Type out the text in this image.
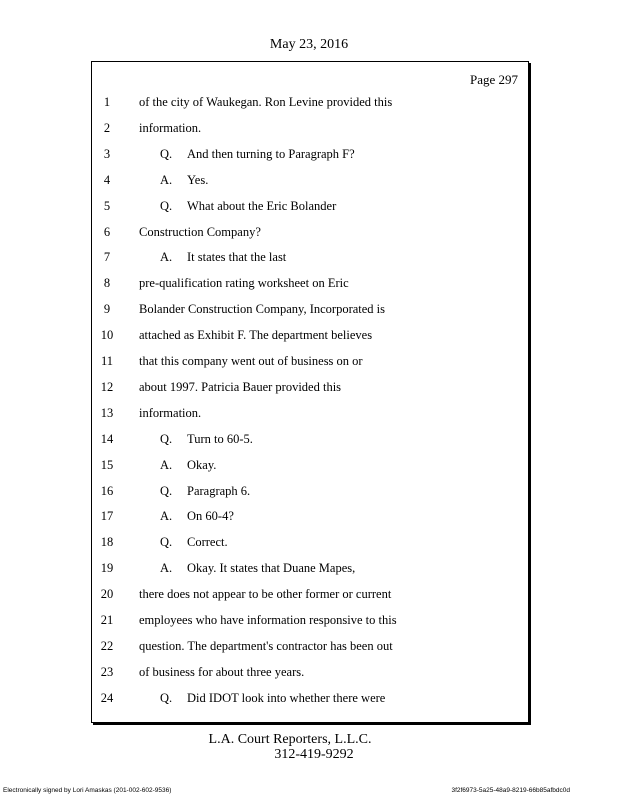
May 23, 2016
Page 297
1	of the city of Waukegan. Ron Levine provided this
2	information.
3	Q. And then turning to Paragraph F?
4	A. Yes.
5	Q. What about the Eric Bolander
6	Construction Company?
7	A. It states that the last
8	pre-qualification rating worksheet on Eric
9	Bolander Construction Company, Incorporated is
10	attached as Exhibit F. The department believes
11	that this company went out of business on or
12	about 1997. Patricia Bauer provided this
13	information.
14	Q. Turn to 60-5.
15	A. Okay.
16	Q. Paragraph 6.
17	A. On 60-4?
18	Q. Correct.
19	A. Okay. It states that Duane Mapes,
20	there does not appear to be other former or current
21	employees who have information responsive to this
22	question. The department's contractor has been out
23	of business for about three years.
24	Q. Did IDOT look into whether there were
L.A. Court Reporters, L.L.C.
312-419-9292
Electronically signed by Lori Amaskas (201-002-602-9536)	3f2f6973-5a25-48a9-8219-66b85afbdc0d
